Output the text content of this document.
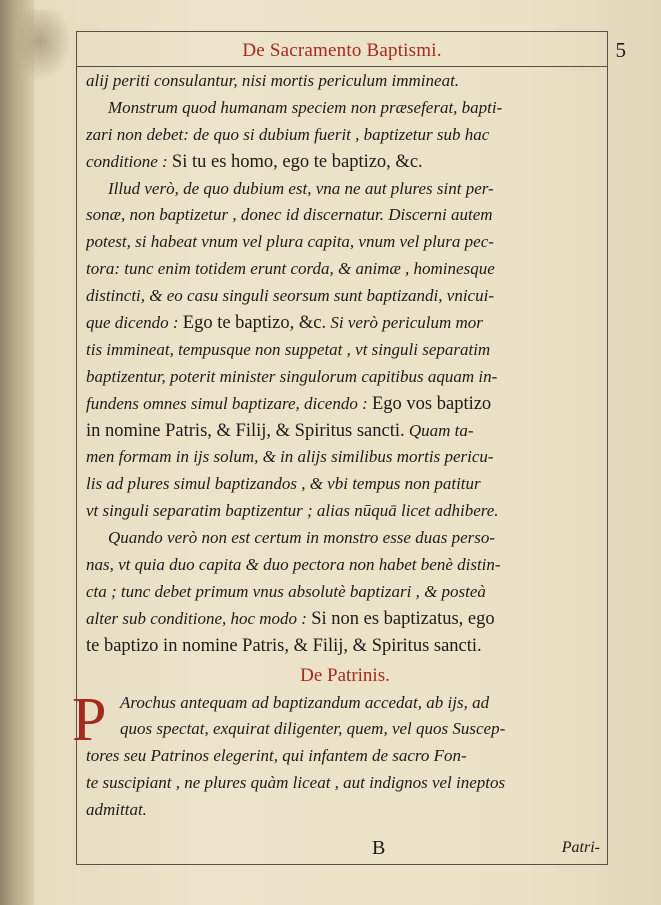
De Sacramento Baptismi.	5
alij periti consulantur, nisi mortis periculum immineat.
Monstrum quod humanam speciem non præseferat, bapti-
zari non debet: de quo si dubium fuerit , baptizetur sub hac
conditione : Si tu es homo, ego te baptizo, &c.
Illud verò, de quo dubium est, vna ne aut plures sint per-
sonæ, non baptizetur , donec id discernatur. Discerni autem
potest, si habeat vnum vel plura capita, vnum vel plura pec-
tora: tunc enim totidem erunt corda, & animæ , hominesque
distincti, & eo casu singuli seorsum sunt baptizandi, vnicui-
que dicendo : Ego te baptizo, &c. Si verò periculum mor
tis immineat, tempusque non suppetat , vt singuli separatim
baptizentur, poterit minister singulorum capitibus aquam in-
fundens omnes simul baptizare, dicendo : Ego vos baptizo
in nomine Patris, & Filij, & Spiritus sancti. Quam ta-
men formam in ijs solum, & in alijs similibus mortis pericu-
lis ad plures simul baptizandos , & vbi tempus non patitur
vt singuli separatim baptizentur ; alias nūquā licet adhibere.
Quando verò non est certum in monstro esse duas perso-
nas, vt quia duo capita & duo pectora non habet benè distin-
cta ; tunc debet primum vnus absolutè baptizari , & posteà
alter sub conditione, hoc modo : Si non es baptizatus, ego
te baptizo in nomine Patris, & Filij, & Spiritus sancti.
De Patrinis.
P Arochus antequam ad baptizandum accedat, ab ijs, ad
quos spectat, exquirat diligenter, quem, vel quos Suscep-
tores seu Patrinos elegerint, qui infantem de sacro Fon-
te suscipiant , ne plures quàm liceat , aut indignos vel ineptos
admittat.
B	Patri-
